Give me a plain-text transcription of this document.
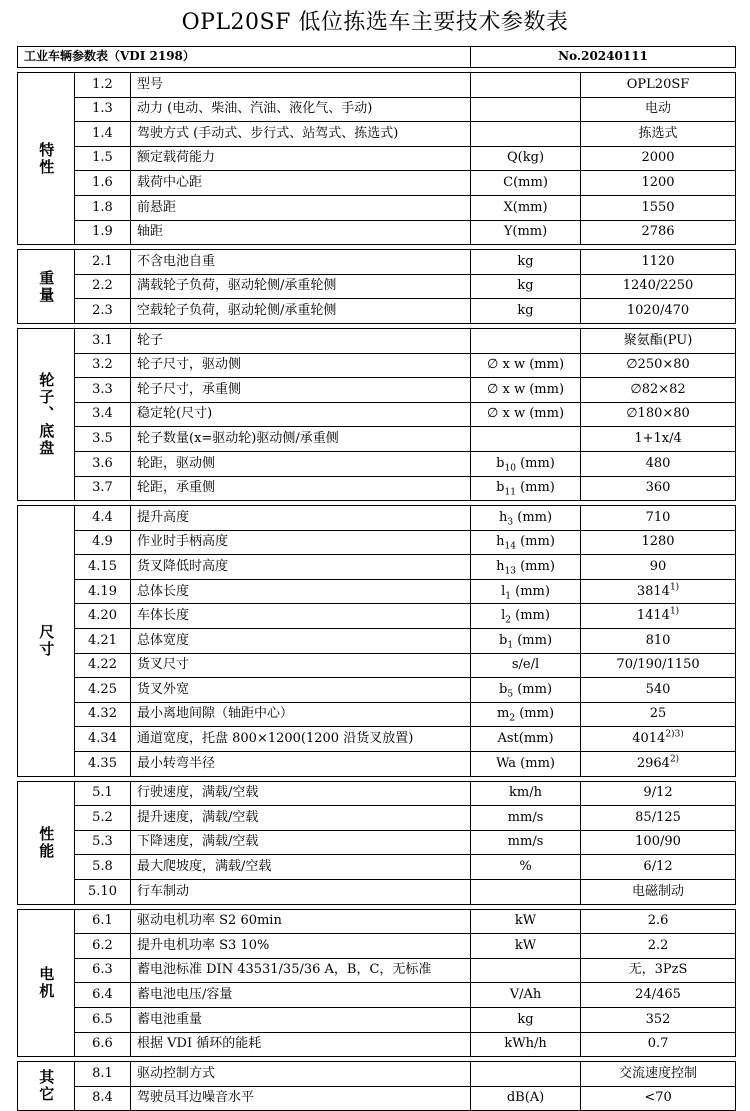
OPL20SF 低位拣选车主要技术参数表
工业车辆参数表（VDI 2198）			No.20240111	

特性	1.2	型号		OPL20SF
	1.3	动力 (电动、柴油、汽油、液化气、手动)		电动
	1.4	驾驶方式 (手动式、步行式、站驾式、拣选式)		拣选式
	1.5	额定载荷能力	Q(kg)	2000
	1.6	载荷中心距	C(mm)	1200
	1.8	前悬距	X(mm)	1550
	1.9	轴距	Y(mm)	2786

重量	2.1	不含电池自重	kg	1120
	2.2	满载轮子负荷，驱动轮侧/承重轮侧	kg	1240/2250
	2.3	空载轮子负荷，驱动轮侧/承重轮侧	kg	1020/470

轮子、底盘	3.1	轮子		聚氨酯(PU)
	3.2	轮子尺寸，驱动侧	∅ x w (mm)	∅250×80
	3.3	轮子尺寸，承重侧	∅ x w (mm)	∅82×82
	3.4	稳定轮(尺寸)	∅ x w (mm)	∅180×80
	3.5	轮子数量(x=驱动轮)驱动侧/承重侧		1+1x/4
	3.6	轮距，驱动侧	$b_{10}$ (mm)	480
	3.7	轮距，承重侧	$b_{11}$ (mm)	360

尺寸	4.4	提升高度	$h_3$ (mm)	710
	4.9	作业时手柄高度	$h_{14}$ (mm)	1280
	4.15	货叉降低时高度	$h_{13}$ (mm)	90
	4.19	总体长度	$l_1$ (mm)	3814$^{1)}$
	4.20	车体长度	$l_2$ (mm)	1414$^{1)}$
	4.21	总体宽度	$b_1$ (mm)	810
	4.22	货叉尺寸	s/e/l	70/190/1150
	4.25	货叉外宽	$b_5$ (mm)	540
	4.32	最小离地间隙（轴距中心）	$m_2$ (mm)	25
	4.34	通道宽度，托盘 800×1200(1200 沿货叉放置)	Ast(mm)	$4014^{2)3)}$
	4.35	最小转弯半径	Wa (mm)	2964$^{2)}$

性能	5.1	行驶速度，满载/空载	km/h	9/12
	5.2	提升速度，满载/空载	mm/s	85/125
	5.3	下降速度，满载/空载	mm/s	100/90
	5.8	最大爬坡度，满载/空载	%	6/12
	5.10	行车制动		电磁制动

电机	6.1	驱动电机功率 S2 60min	kW	2.6
	6.2	提升电机功率 S3 10%	kW	2.2
	6.3	蓄电池标准 DIN 43531/35/36 A，B，C，无标准		无，3PzS
	6.4	蓄电池电压/容量	V/Ah	24/465
	6.5	蓄电池重量	kg	352
	6.6	根据 VDI 循环的能耗	kWh/h	0.7

其它	8.1	驱动控制方式		交流速度控制
	8.4	驾驶员耳边噪音水平	dB(A)	<70
